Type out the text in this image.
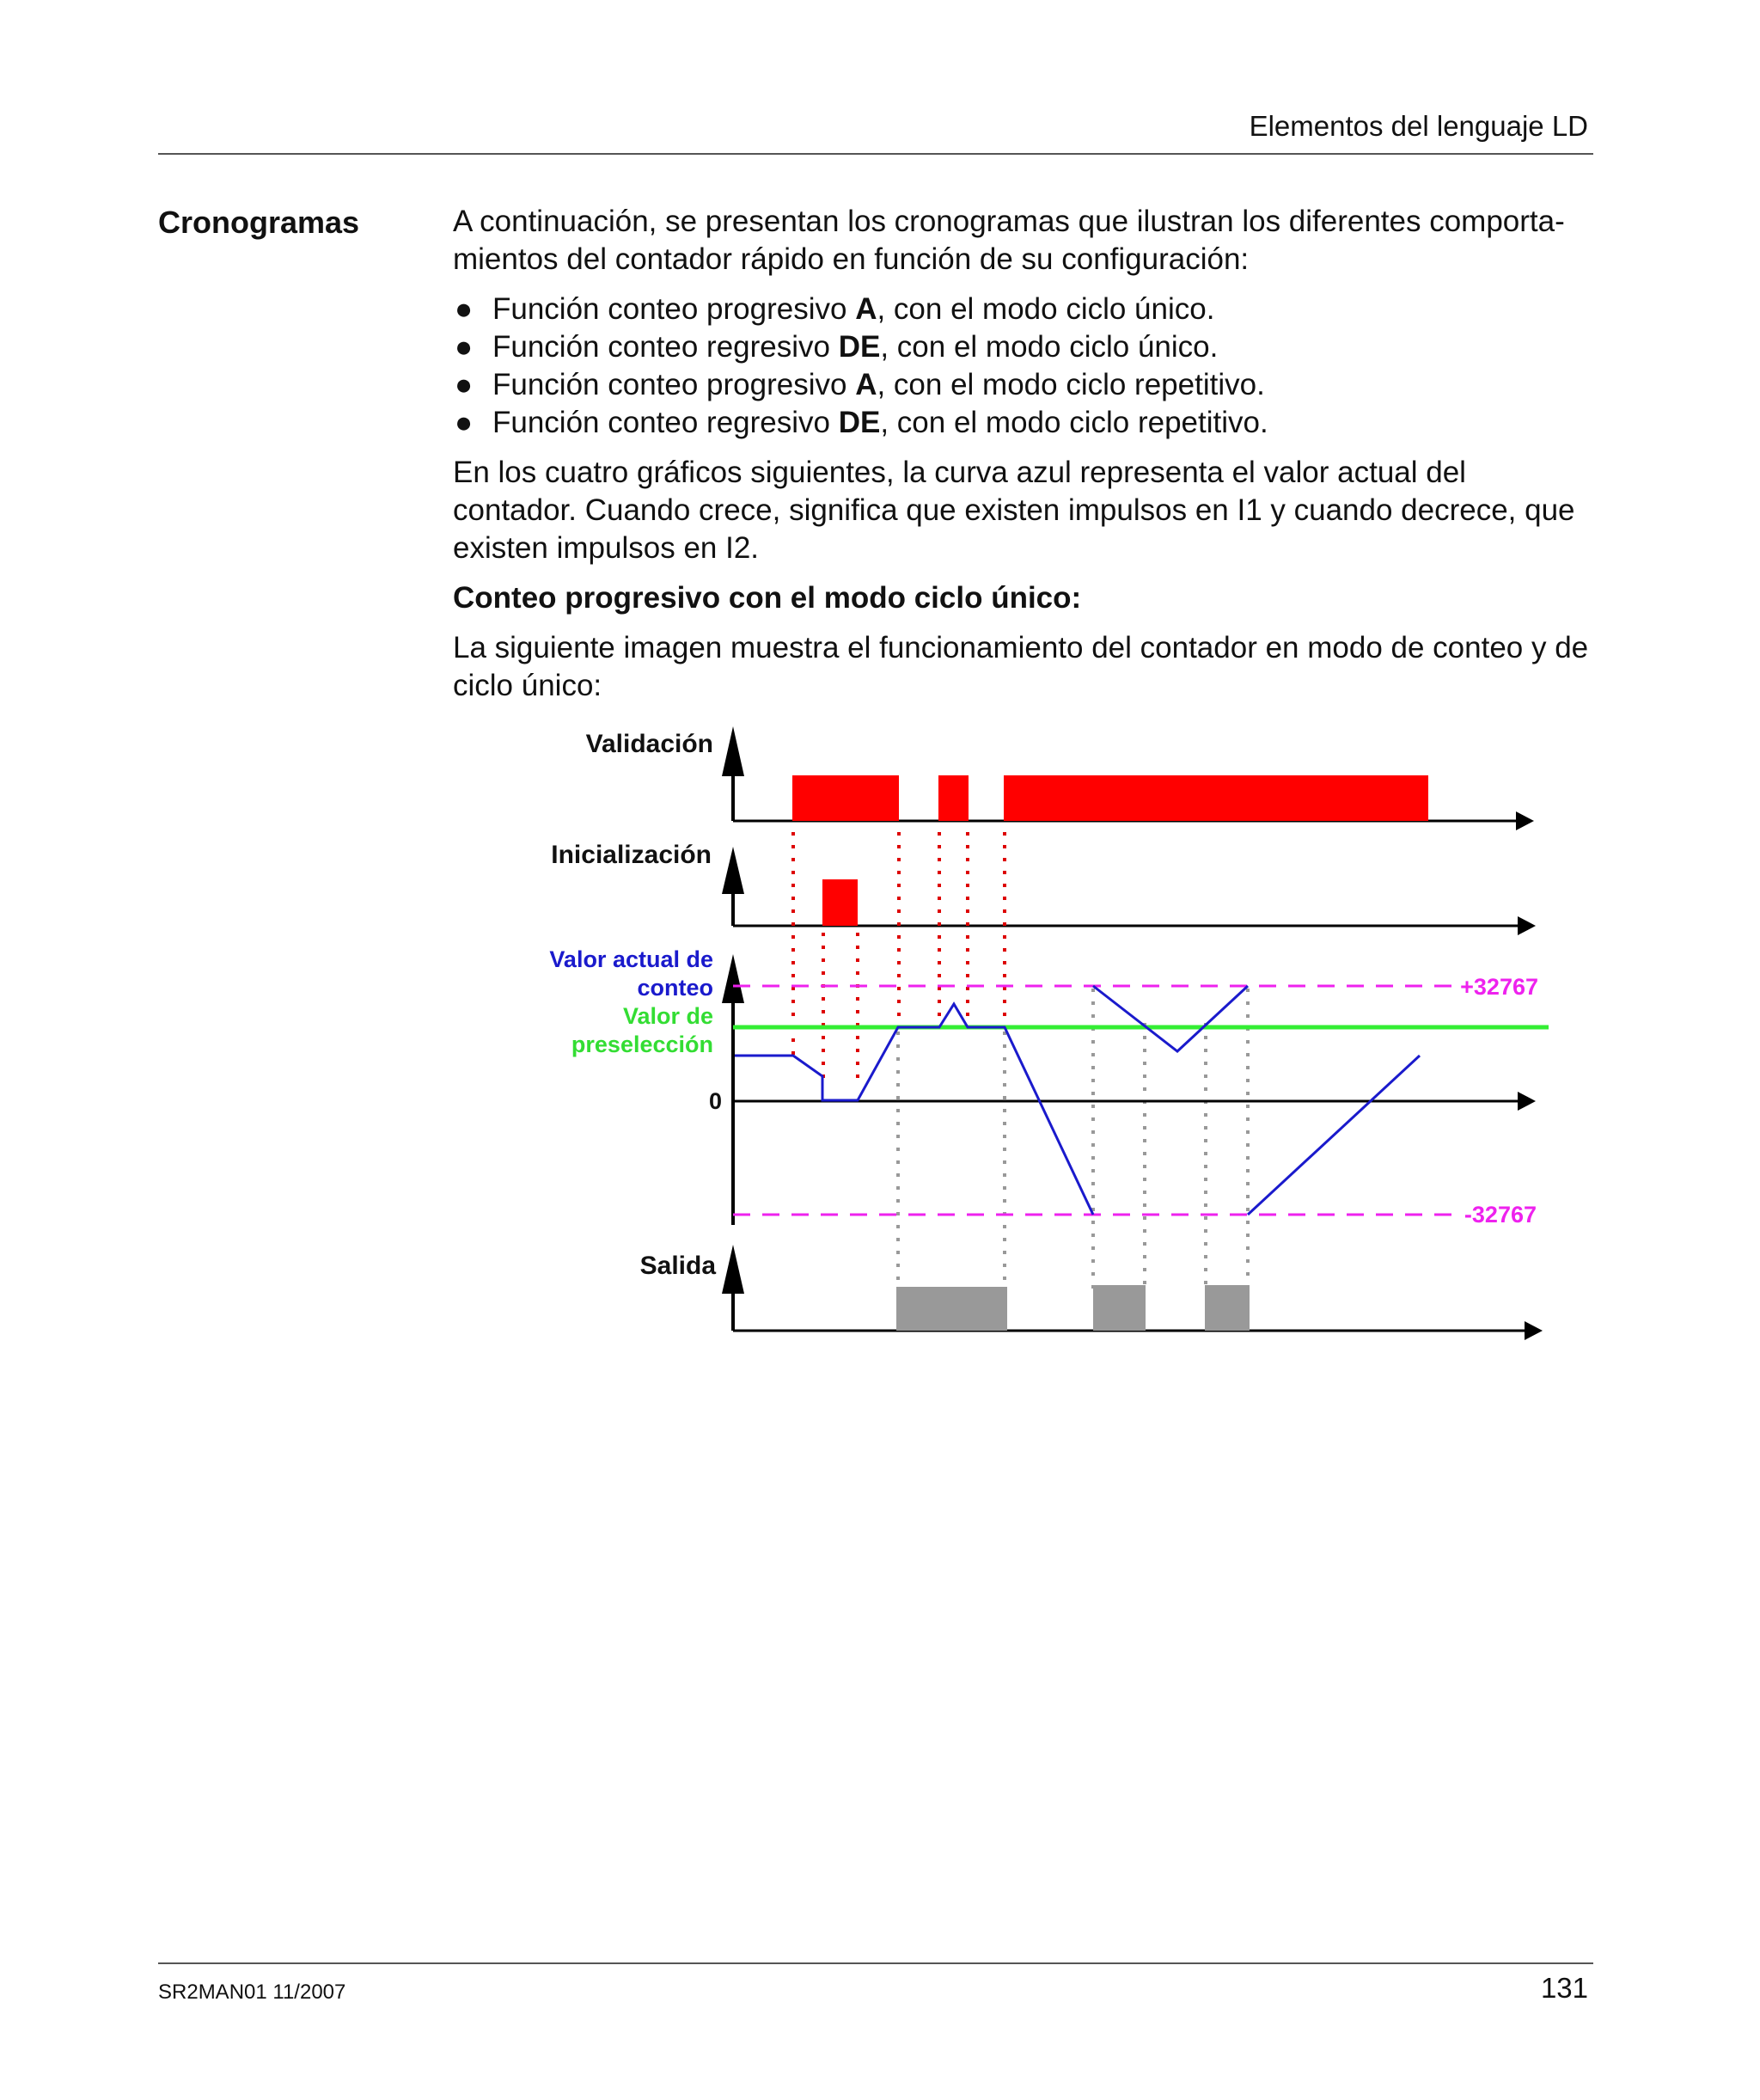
Elementos del lenguaje LD
Cronogramas	A continuación, se presentan los cronogramas que ilustran los diferentes comporta-mientos del contador rápido en función de su configuración:

● Función conteo progresivo A, con el modo ciclo único.
● Función conteo regresivo DE, con el modo ciclo único.
● Función conteo progresivo A, con el modo ciclo repetitivo.
● Función conteo regresivo DE, con el modo ciclo repetitivo.

En los cuatro gráficos siguientes, la curva azul representa el valor actual del contador. Cuando crece, significa que existen impulsos en I1 y cuando decrece, que existen impulsos en I2.

Conteo progresivo con el modo ciclo único:

La siguiente imagen muestra el funcionamiento del contador en modo de conteo y de ciclo único:

Validación
Inicialización
Valor actual de
conteo
Valor de
preselección
0
+32767
-32767
Salida
SR2MAN01 11/2007	131
